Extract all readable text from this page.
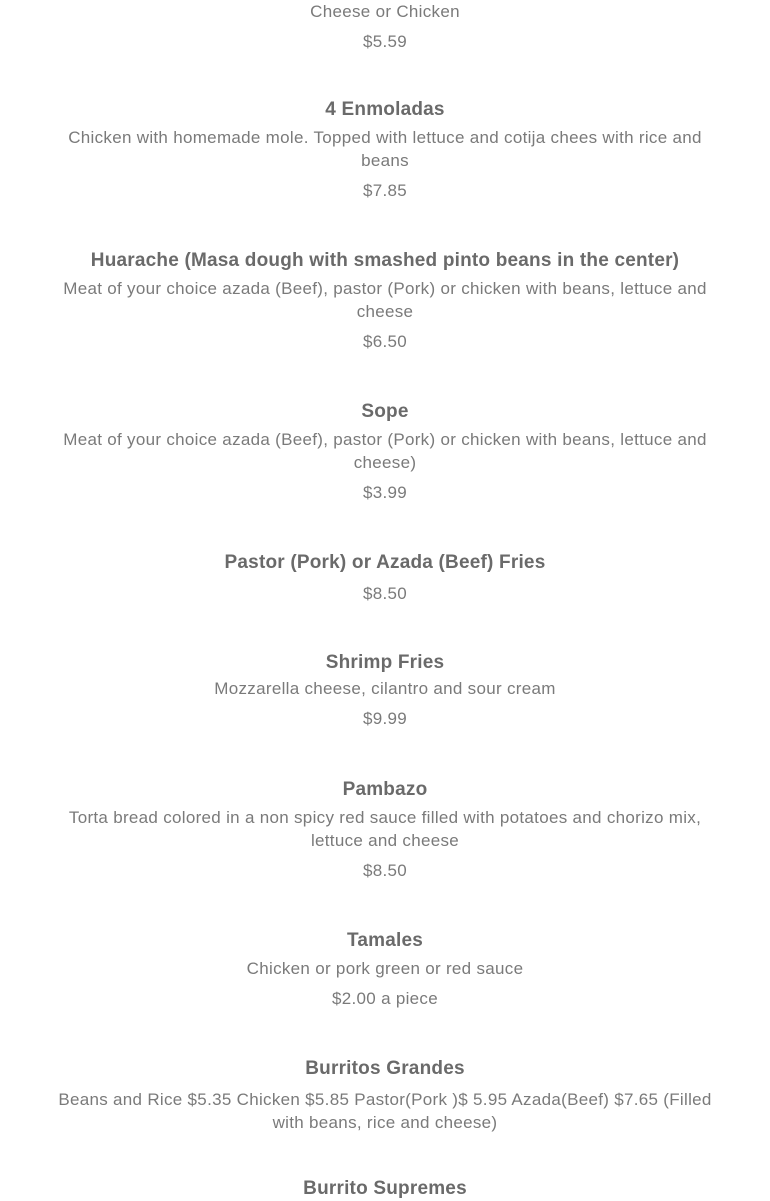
Cheese or Chicken
$5.59
4 Enmoladas
Chicken with homemade mole. Topped with lettuce and cotija chees with rice and beans
$7.85
Huarache (Masa dough with smashed pinto beans in the center)
Meat of your choice azada (Beef), pastor (Pork) or chicken with beans, lettuce and cheese
$6.50
Sope
Meat of your choice azada (Beef), pastor (Pork) or chicken with beans, lettuce and cheese)
$3.99
Pastor (Pork) or Azada (Beef) Fries
$8.50
Shrimp Fries
Mozzarella cheese, cilantro and sour cream
$9.99
Pambazo
Torta bread colored in a non spicy red sauce filled with potatoes and chorizo mix, lettuce and cheese
$8.50
Tamales
Chicken or pork green or red sauce
$2.00 a piece
Burritos Grandes
Beans and Rice $5.35 Chicken $5.85 Pastor(Pork )$ 5.95 Azada(Beef) $7.65 (Filled with beans, rice and cheese)
Burrito Supremes
